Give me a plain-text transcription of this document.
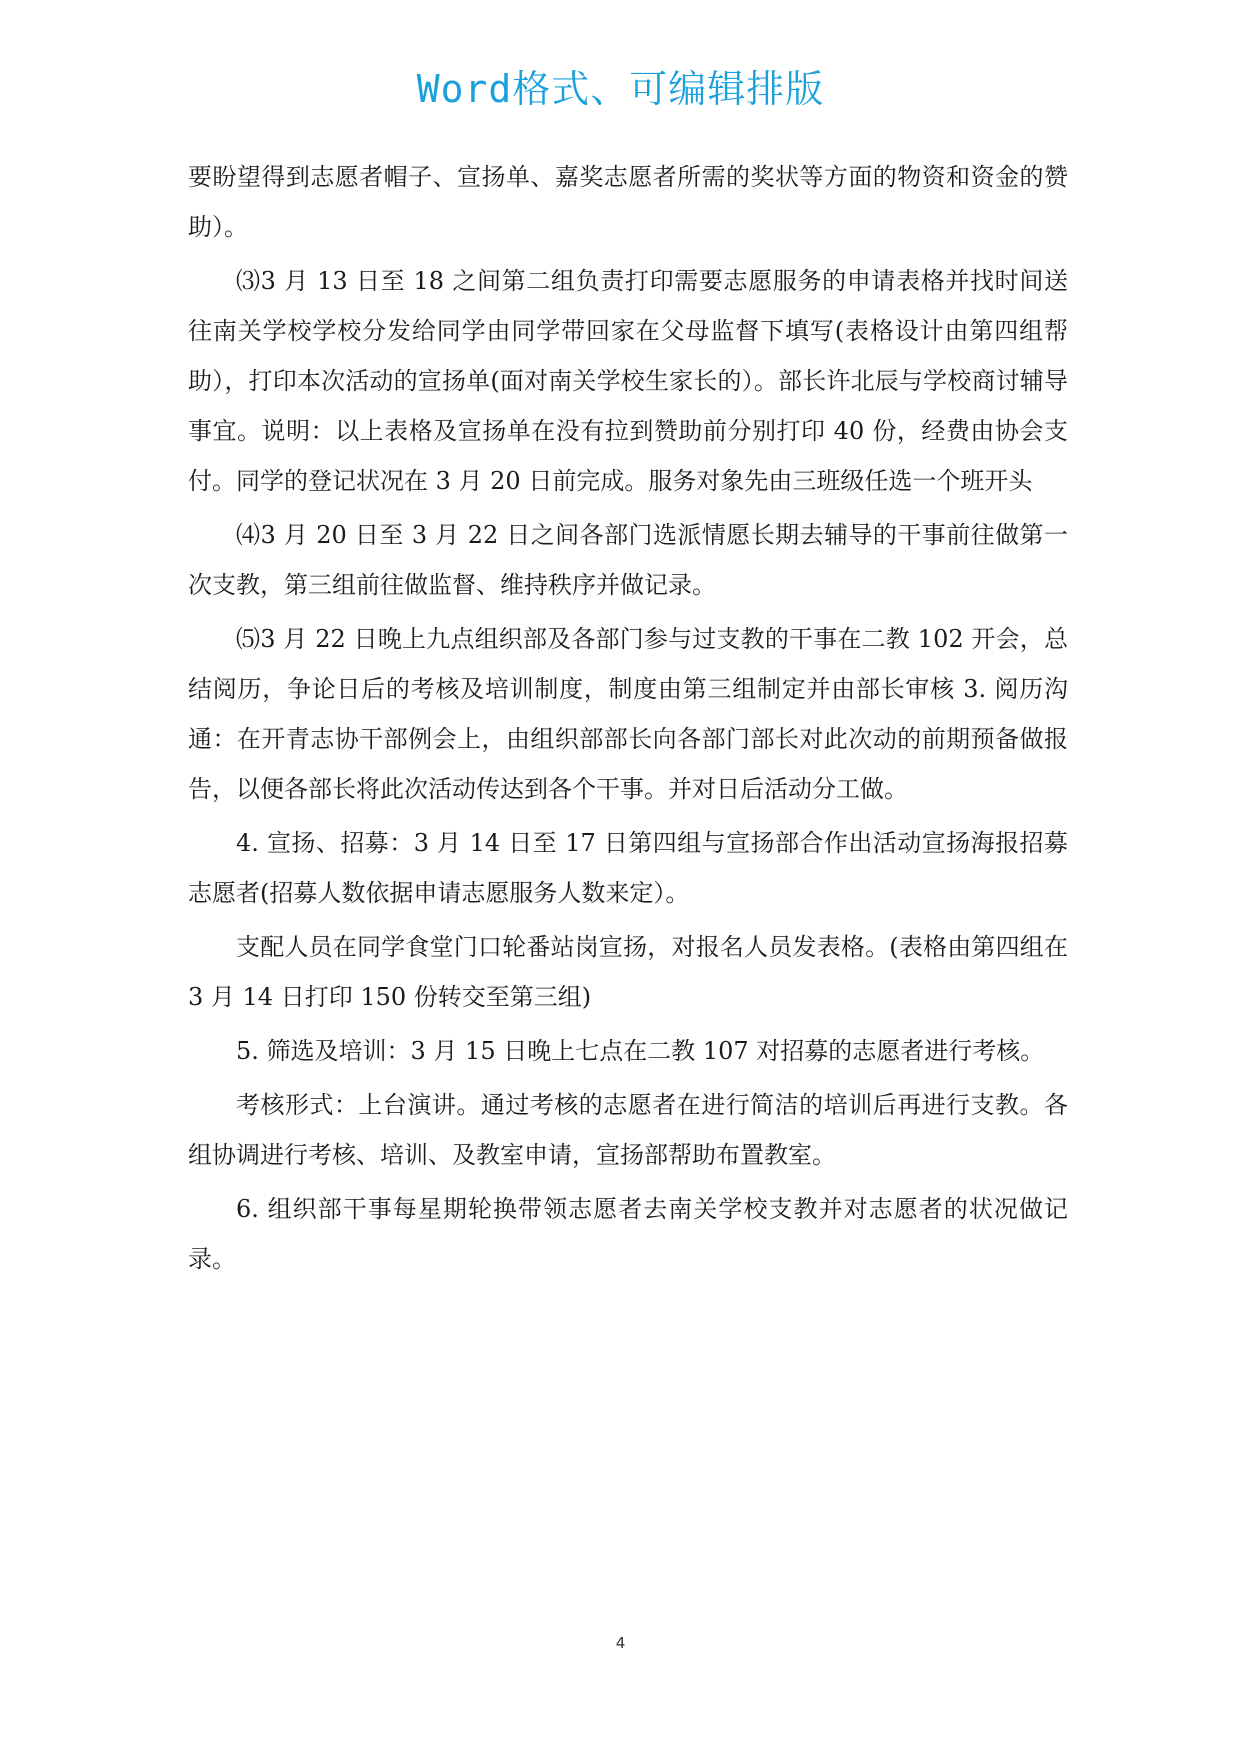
Word格式、可编辑排版

要盼望得到志愿者帽子、宣扬单、嘉奖志愿者所需的奖状等方面的物资和资金的赞助）。

⑶3 月 13 日至 18 之间第二组负责打印需要志愿服务的申请表格并找时间送往南关学校学校分发给同学由同学带回家在父母监督下填写(表格设计由第四组帮助），打印本次活动的宣扬单(面对南关学校生家长的）。部长许北辰与学校商讨辅导事宜。说明：以上表格及宣扬单在没有拉到赞助前分别打印 40 份，经费由协会支付。同学的登记状况在 3 月 20 日前完成。服务对象先由三班级任选一个班开头

⑷3 月 20 日至 3 月 22 日之间各部门选派情愿长期去辅导的干事前往做第一次支教，第三组前往做监督、维持秩序并做记录。

⑸3 月 22 日晚上九点组织部及各部门参与过支教的干事在二教 102 开会，总结阅历，争论日后的考核及培训制度，制度由第三组制定并由部长审核 3. 阅历沟通：在开青志协干部例会上，由组织部部长向各部门部长对此次动的前期预备做报告，以便各部长将此次活动传达到各个干事。并对日后活动分工做。

4. 宣扬、招募：3 月 14 日至 17 日第四组与宣扬部合作出活动宣扬海报招募志愿者(招募人数依据申请志愿服务人数来定）。

支配人员在同学食堂门口轮番站岗宣扬，对报名人员发表格。(表格由第四组在 3 月 14 日打印 150 份转交至第三组)

5. 筛选及培训：3 月 15 日晚上七点在二教 107 对招募的志愿者进行考核。

考核形式：上台演讲。通过考核的志愿者在进行简洁的培训后再进行支教。各组协调进行考核、培训、及教室申请，宣扬部帮助布置教室。

6. 组织部干事每星期轮换带领志愿者去南关学校支教并对志愿者的状况做记录。

4
